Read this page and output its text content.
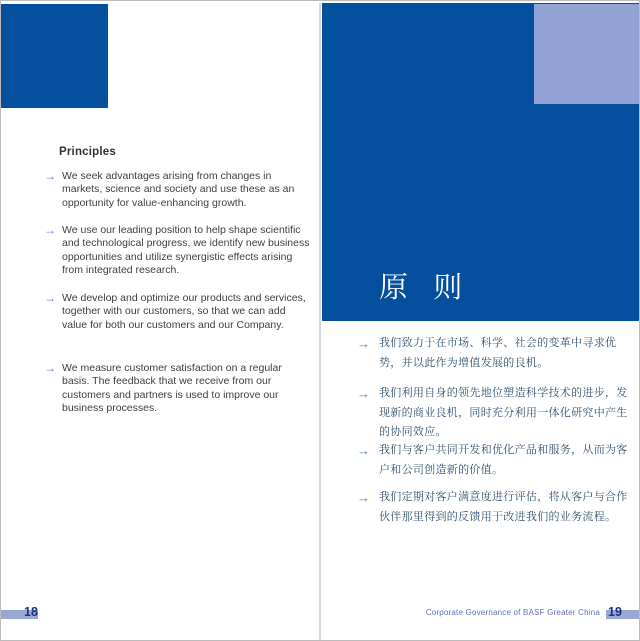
Principles
→ We seek advantages arising from changes in markets, science and society and use these as an opportunity for value-enhancing growth.
→ We use our leading position to help shape scientific and technological progress, we identify new business opportunities and utilize synergistic effects arising from integrated research.
→ We develop and optimize our products and services, together with our customers, so that we can add value for both our customers and our Company.
→ We measure customer satisfaction on a regular basis. The feedback that we receive from our customers and partners is used to improve our business processes.
原 则
→ 我们致力于在市场、科学、社会的变革中寻求优势，并以此作为增值发展的良机。
→ 我们利用自身的领先地位塑造科学技术的进步，发现新的商业良机，同时充分利用一体化研究中产生的协同效应。
→ 我们与客户共同开发和优化产品和服务，从而为客户和公司创造新的价值。
→ 我们定期对客户满意度进行评估，将从客户与合作伙伴那里得到的反馈用于改进我们的业务流程。
18	Corporate Governance of BASF Greater China 19
